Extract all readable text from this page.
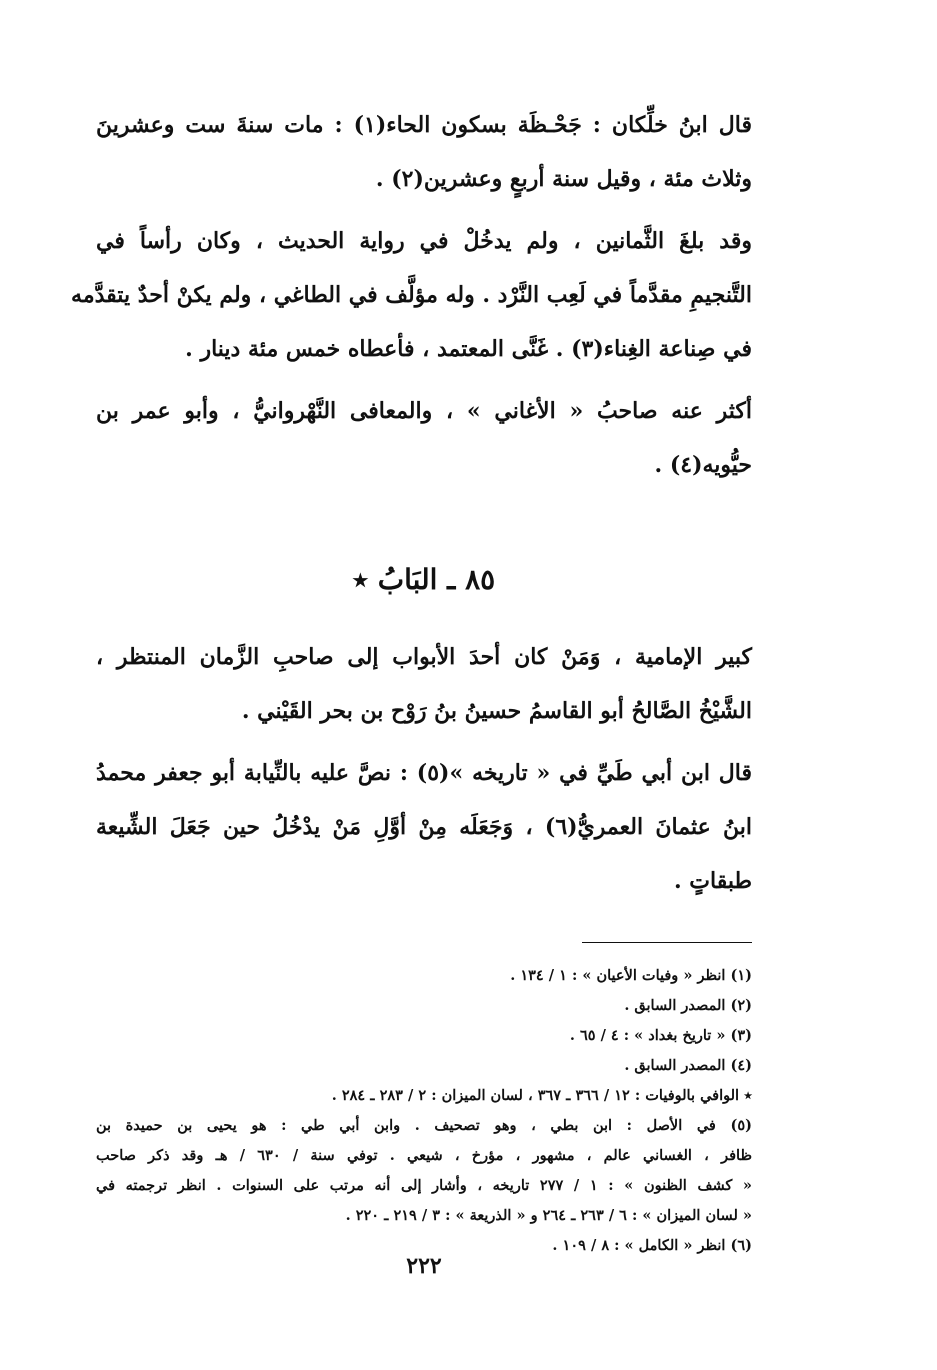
قال ابنُ خلِّكان : جَحْـظَة بسكون الحاء(١) : مات سنةَ ست وعشرينَ
وثلاث مئة ، وقيل سنة أربعٍ وعشرين(٢) .

وقد بلغَ الثَّمانين ، ولم يدخُلْ في رواية الحديث ، وكان رأساً في
التَّنجيمِ مقدَّماً في لَعِب النَّرْد . وله مؤلَّف في الطاغي ، ولم يكنْ أحدٌ يتقدَّمه
في صِناعة الغِناء(٣) . غَنَّى المعتمد ، فأعطاه خمس مئة دينار .

أكثر عنه صاحبُ « الأغاني » ، والمعافى النَّهْروانيُّ ، وأبو عمر بن
حيُّويه(٤) .

٨٥ ـ البَابُ ٭

كبير الإمامية ، وَمَنْ كان أحدَ الأبواب إلى صاحبِ الزَّمان المنتظر ،
الشَّيْخُ الصَّالحُ أبو القاسمُ حسينُ بنُ رَوْح بن بحر القَيْني .

قال ابن أبي طَيِّ في « تاريخه »(٥) : نصَّ عليه بالنِّيابة أبو جعفر محمدُ
ابنُ عثمانَ العمريُّ(٦) ، وَجَعَلَه مِنْ أوَّلِ مَنْ يدْخُلُ حين جَعَلَ الشِّيعة
طبقاتٍ .

(١) انظر « وفيات الأعيان » : ١ / ١٣٤ .
(٢) المصدر السابق .
(٣) « تاريخ بغداد » : ٤ / ٦٥ .
(٤) المصدر السابق .
٭ الوافي بالوفيات : ١٢ / ٣٦٦ ـ ٣٦٧ ، لسان الميزان : ٢ / ٢٨٣ ـ ٢٨٤ .
(٥) في الأصل : ابن بطي ، وهو تصحيف . وابن أبي طي : هو يحيى بن حميدة بن
ظافر ، الغساني عالم ، مشهور ، مؤرخ ، شيعي . توفي سنة / ٦٣٠ / هـ وقد ذكر صاحب
« كشف الظنون » : ١ / ٢٧٧ تاريخه ، وأشار إلى أنه مرتب على السنوات . انظر ترجمته في
« لسان الميزان » : ٦ / ٢٦٣ ـ ٢٦٤ و « الذريعة » : ٣ / ٢١٩ ـ ٢٢٠ .
(٦) انظر « الكامل » : ٨ / ١٠٩ .
٢٢٢
